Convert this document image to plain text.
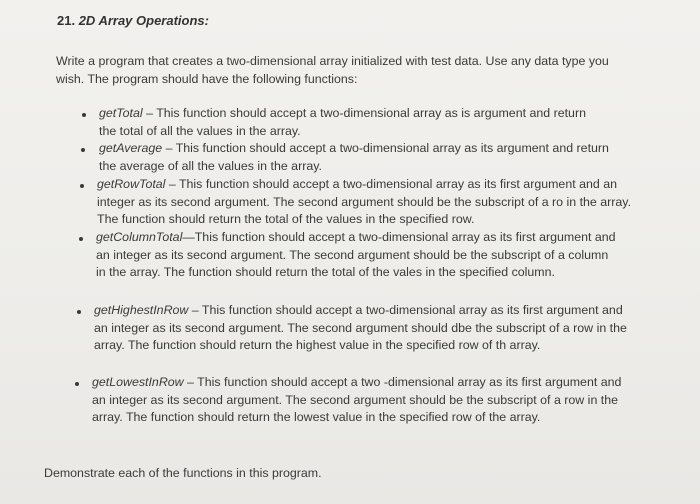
21. 2D Array Operations:
Write a program that creates a two-dimensional array initialized with test data. Use any data type you wish. The program should have the following functions:
getTotal – This function should accept a two-dimensional array as is argument and return the total of all the values in the array.
getAverage – This function should accept a two-dimensional array as its argument and return the average of all the values in the array.
getRowTotal – This function should accept a two-dimensional array as its first argument and an integer as its second argument. The second argument should be the subscript of a ro in the array. The function should return the total of the values in the specified row.
getColumnTotal—This function should accept a two-dimensional array as its first argument and an integer as its second argument. The second argument should be the subscript of a column in the array. The function should return the total of the vales in the specified column.
getHighestInRow – This function should accept a two-dimensional array as its first argument and an integer as its second argument. The second argument should dbe the subscript of a row in the array. The function should return the highest value in the specified row of th array.
getLowestInRow – This function should accept a two -dimensional array as its first argument and an integer as its second argument. The second argument should be the subscript of a row in the array. The function should return the lowest value in the specified row of the array.
Demonstrate each of the functions in this program.
